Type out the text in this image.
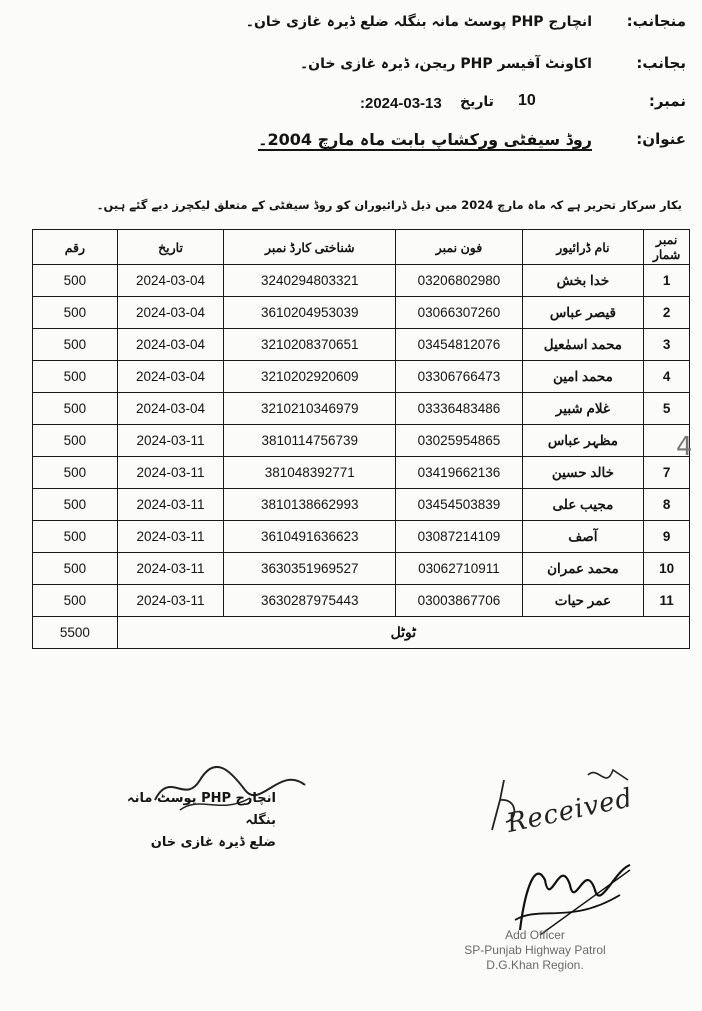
منجانب:
انچارج PHP پوسٹ مانہ بنگلہ ضلع ڈیرہ غازی خان۔
بجانب:
اکاونٹ آفیسر PHP ریجن، ڈیرہ غازی خان۔
نمبر:
10
تاریخ
:2024-03-13
عنوان:
روڈ سیفٹی ورکشاپ بابت ماہ مارچ 2004۔
بکار سرکار تحریر ہے کہ ماہ مارچ 2024 میں ذیل ڈرائیوران کو روڈ سیفٹی کے متعلق لیکچرز دیے گئے ہیں۔
رقم	تاریخ	شناختی کارڈ نمبر	فون نمبر	نام ڈرائیور	نمبر شمار
500	2024-03-04	3240294803321	03206802980	خدا بخش	1
500	2024-03-04	3610204953039	03066307260	قیصر عباس	2
500	2024-03-04	3210208370651	03454812076	محمد اسمٰعیل	3
500	2024-03-04	3210202920609	03306766473	محمد امین	4
500	2024-03-04	3210210346979	03336483486	غلام شبیر	5
500	2024-03-11	3810114756739	03025954865	مظہر عباس	
500	2024-03-11	381048392771	03419662136	خالد حسین	7
500	2024-03-11	3810138662993	03454503839	مجیب علی	8
500	2024-03-11	3610491636623	03087214109	آصف	9
500	2024-03-11	3630351969527	03062710911	محمد عمران	10
500	2024-03-11	3630287975443	03003867706	عمر حیات	11
5500	ٹوٹل				
4
انچارج PHP پوسٹ مانہ بنگلہ
ضلع ڈیرہ غازی خان
Received
Add Officer
SP-Punjab Highway Patrol
D.G.Khan Region.
